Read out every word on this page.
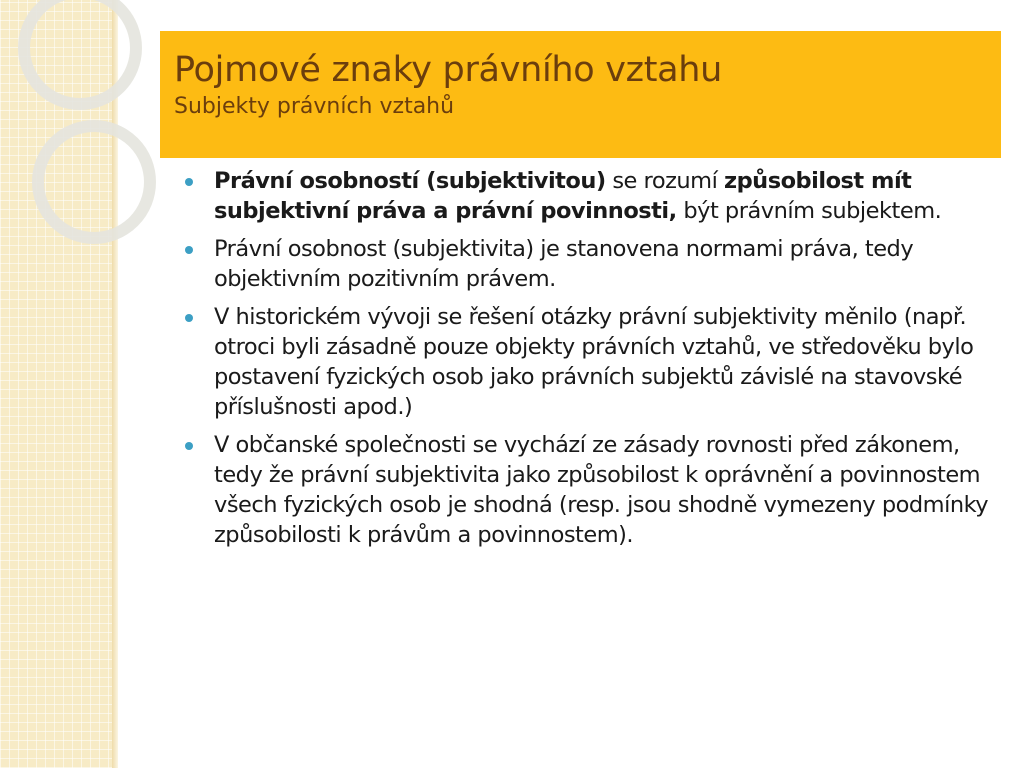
Pojmové znaky právního vztahu
Subjekty právních vztahů
Právní osobností (subjektivitou) se rozumí způsobilost mít subjektivní práva a právní povinnosti, být právním subjektem.
Právní osobnost (subjektivita) je stanovena normami práva, tedy objektivním pozitivním právem.
V historickém vývoji se řešení otázky právní subjektivity měnilo (např. otroci byli zásadně pouze objekty právních vztahů, ve středověku bylo postavení fyzických osob jako právních subjektů závislé na stavovské příslušnosti apod.)
V občanské společnosti se vychází ze zásady rovnosti před zákonem, tedy že právní subjektivita jako způsobilost k oprávnění a povinnostem všech fyzických osob je shodná (resp. jsou shodně vymezeny podmínky způsobilosti k právům a povinnostem).
